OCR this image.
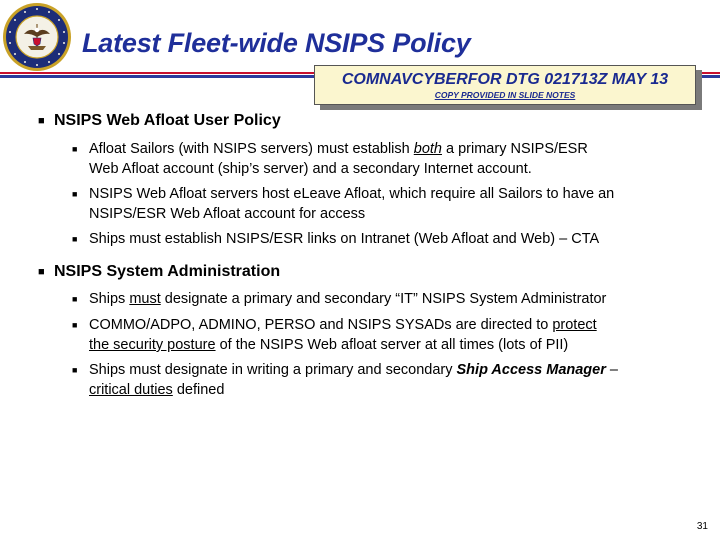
Latest Fleet-wide NSIPS Policy
COMNAVCYBERFOR DTG 021713Z MAY 13
COPY PROVIDED IN SLIDE NOTES
■ NSIPS Web Afloat User Policy
■ Afloat Sailors (with NSIPS servers) must establish both a primary NSIPS/ESR
Web Afloat account (ship’s server) and a secondary Internet account.
■ NSIPS Web Afloat servers host eLeave Afloat, which require all Sailors to have an
NSIPS/ESR Web Afloat account for access
■ Ships must establish NSIPS/ESR links on Intranet (Web Afloat and Web) – CTA
■ NSIPS System Administration
■ Ships must designate a primary and secondary “IT” NSIPS System Administrator
■ COMMO/ADPO, ADMINO, PERSO and NSIPS SYSADs are directed to protect
the security posture of the NSIPS Web afloat server at all times (lots of PII)
■ Ships must designate in writing a primary and secondary Ship Access Manager –
critical duties defined
31
